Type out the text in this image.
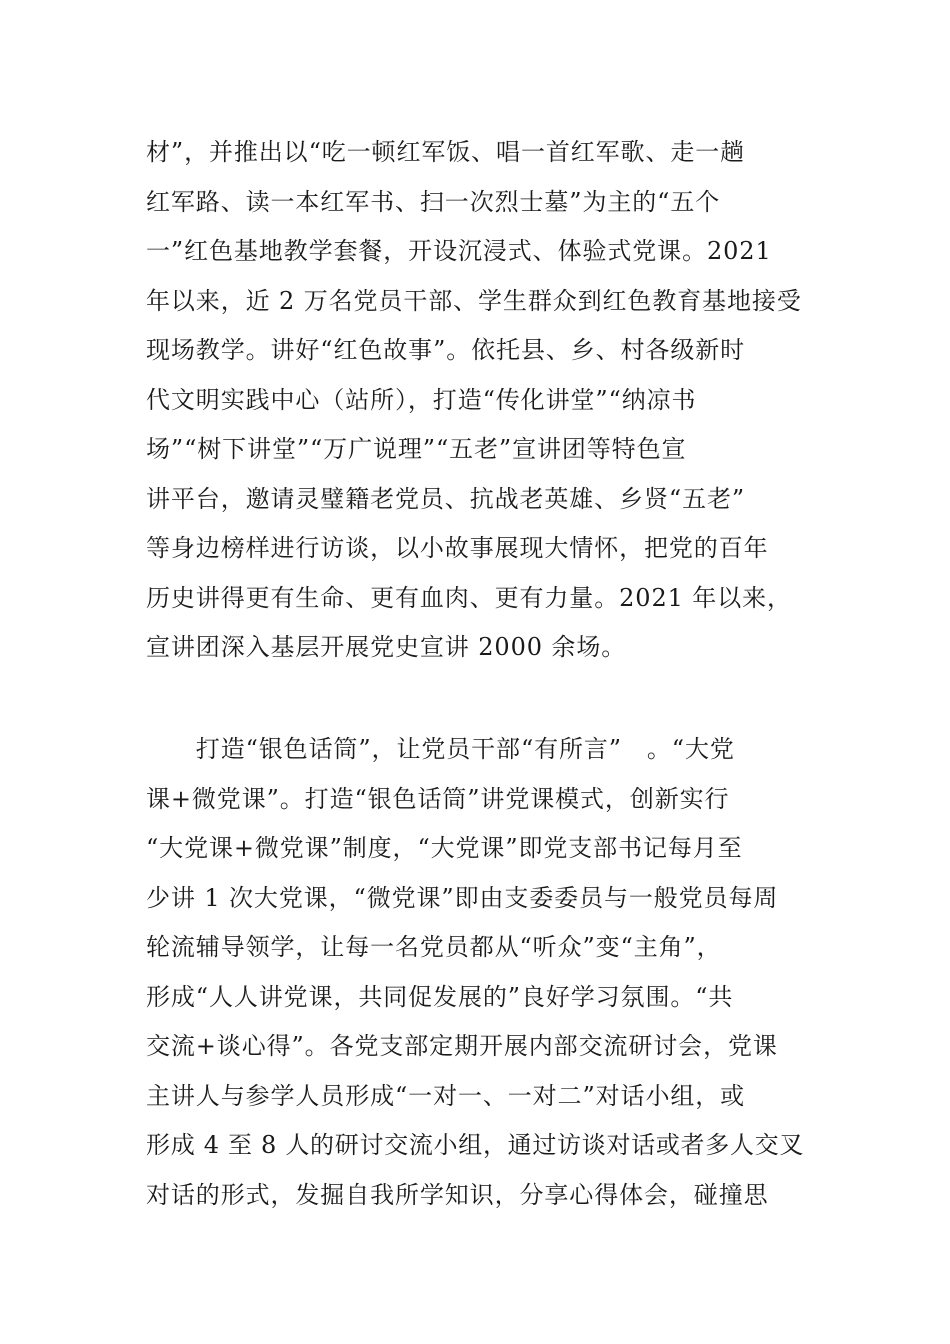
材”，并推出以“吃一顿红军饭、唱一首红军歌、走一趟
红军路、读一本红军书、扫一次烈士墓”为主的“五个
一”红色基地教学套餐，开设沉浸式、体验式党课。2021
年以来，近 2 万名党员干部、学生群众到红色教育基地接受
现场教学。讲好“红色故事”。依托县、乡、村各级新时
代文明实践中心（站所），打造“传化讲堂”“纳凉书
场”“树下讲堂”“万广说理”“五老”宣讲团等特色宣
讲平台，邀请灵璧籍老党员、抗战老英雄、乡贤“五老”
等身边榜样进行访谈，以小故事展现大情怀，把党的百年
历史讲得更有生命、更有血肉、更有力量。2021 年以来，
宣讲团深入基层开展党史宣讲 2000 余场。
　　打造“银色话筒”，让党员干部“有所言”　。“大党
课+微党课”。打造“银色话筒”讲党课模式，创新实行
“大党课+微党课”制度，“大党课”即党支部书记每月至
少讲 1 次大党课，“微党课”即由支委委员与一般党员每周
轮流辅导领学，让每一名党员都从“听众”变“主角”，
形成“人人讲党课，共同促发展的”良好学习氛围。“共
交流+谈心得”。各党支部定期开展内部交流研讨会，党课
主讲人与参学人员形成“一对一、一对二”对话小组，或
形成 4 至 8 人的研讨交流小组，通过访谈对话或者多人交叉
对话的形式，发掘自我所学知识，分享心得体会，碰撞思
